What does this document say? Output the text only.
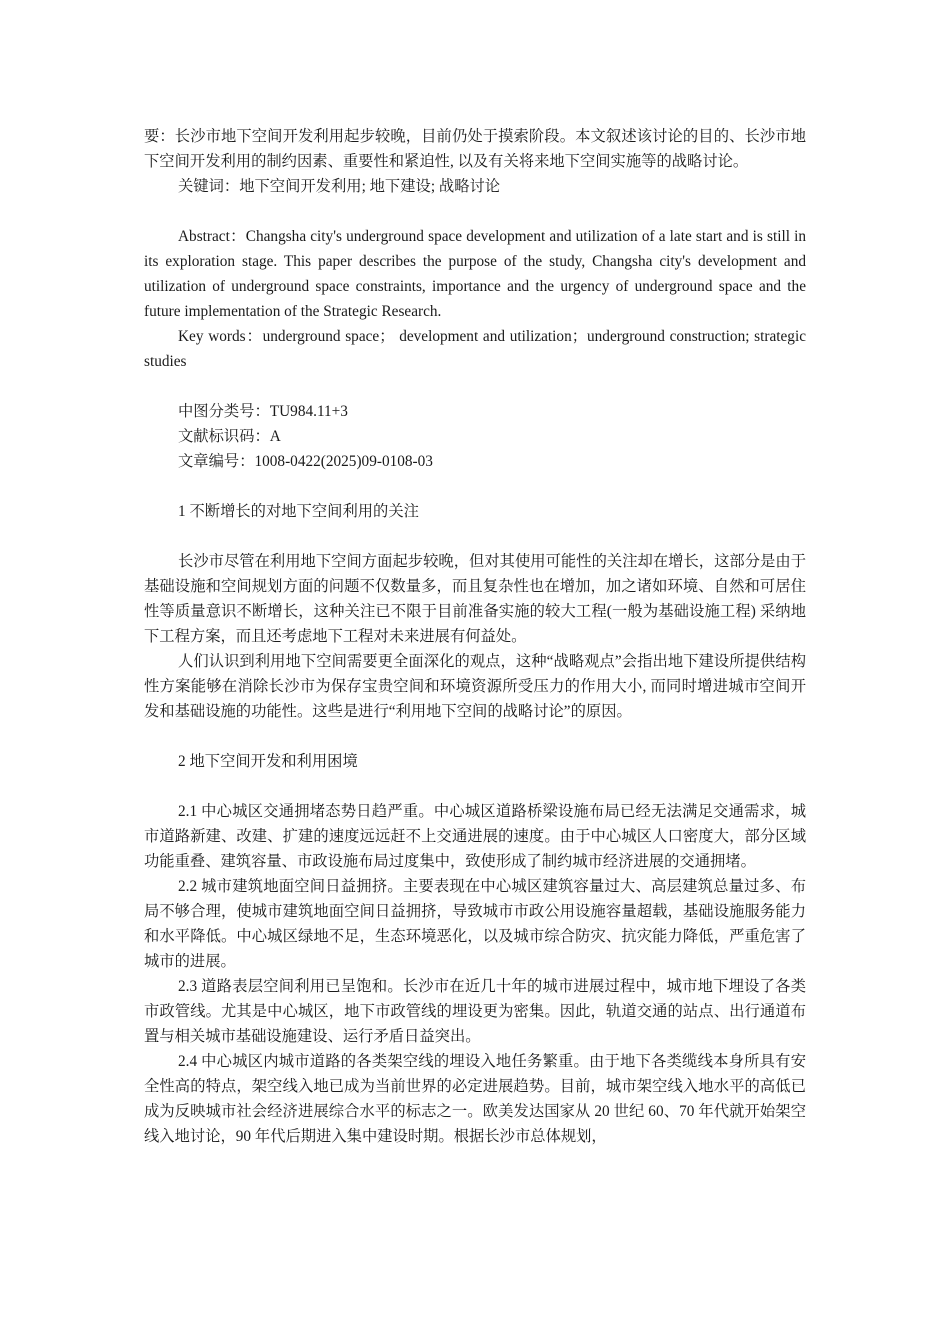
要：长沙市地下空间开发利用起步较晚，目前仍处于摸索阶段。本文叙述该讨论的目的、长沙市地下空间开发利用的制约因素、重要性和紧迫性, 以及有关将来地下空间实施等的战略讨论。

关键词：地下空间开发利用; 地下建设; 战略讨论

Abstract：Changsha city's underground space development and utilization of a late start and is still in its exploration stage. This paper describes the purpose of the study, Changsha city's development and utilization of underground space constraints, importance and the urgency of underground space and the future implementation of the Strategic Research.

Key words：underground space； development and utilization；underground construction; strategic studies

中图分类号：TU984.11+3

文献标识码：A

文章编号：1008-0422(2025)09-0108-03

1 不断增长的对地下空间利用的关注

长沙市尽管在利用地下空间方面起步较晚，但对其使用可能性的关注却在增长，这部分是由于基础设施和空间规划方面的问题不仅数量多，而且复杂性也在增加，加之诸如环境、自然和可居住性等质量意识不断增长，这种关注已不限于目前准备实施的较大工程(一般为基础设施工程) 采纳地下工程方案，而且还考虑地下工程对未来进展有何益处。

人们认识到利用地下空间需要更全面深化的观点，这种“战略观点”会指出地下建设所提供结构性方案能够在消除长沙市为保存宝贵空间和环境资源所受压力的作用大小, 而同时增进城市空间开发和基础设施的功能性。这些是进行“利用地下空间的战略讨论”的原因。

2 地下空间开发和利用困境

2.1 中心城区交通拥堵态势日趋严重。中心城区道路桥梁设施布局已经无法满足交通需求，城市道路新建、改建、扩建的速度远远赶不上交通进展的速度。由于中心城区人口密度大，部分区域功能重叠、建筑容量、市政设施布局过度集中，致使形成了制约城市经济进展的交通拥堵。

2.2 城市建筑地面空间日益拥挤。主要表现在中心城区建筑容量过大、高层建筑总量过多、布局不够合理，使城市建筑地面空间日益拥挤，导致城市市政公用设施容量超载，基础设施服务能力和水平降低。中心城区绿地不足，生态环境恶化，以及城市综合防灾、抗灾能力降低，严重危害了城市的进展。

2.3 道路表层空间利用已呈饱和。长沙市在近几十年的城市进展过程中，城市地下埋设了各类市政管线。尤其是中心城区，地下市政管线的埋设更为密集。因此，轨道交通的站点、出行通道布置与相关城市基础设施建设、运行矛盾日益突出。

2.4 中心城区内城市道路的各类架空线的埋设入地任务繁重。由于地下各类缆线本身所具有安全性高的特点，架空线入地已成为当前世界的必定进展趋势。目前，城市架空线入地水平的高低已成为反映城市社会经济进展综合水平的标志之一。欧美发达国家从 20 世纪 60、70 年代就开始架空线入地讨论，90 年代后期进入集中建设时期。根据长沙市总体规划，
